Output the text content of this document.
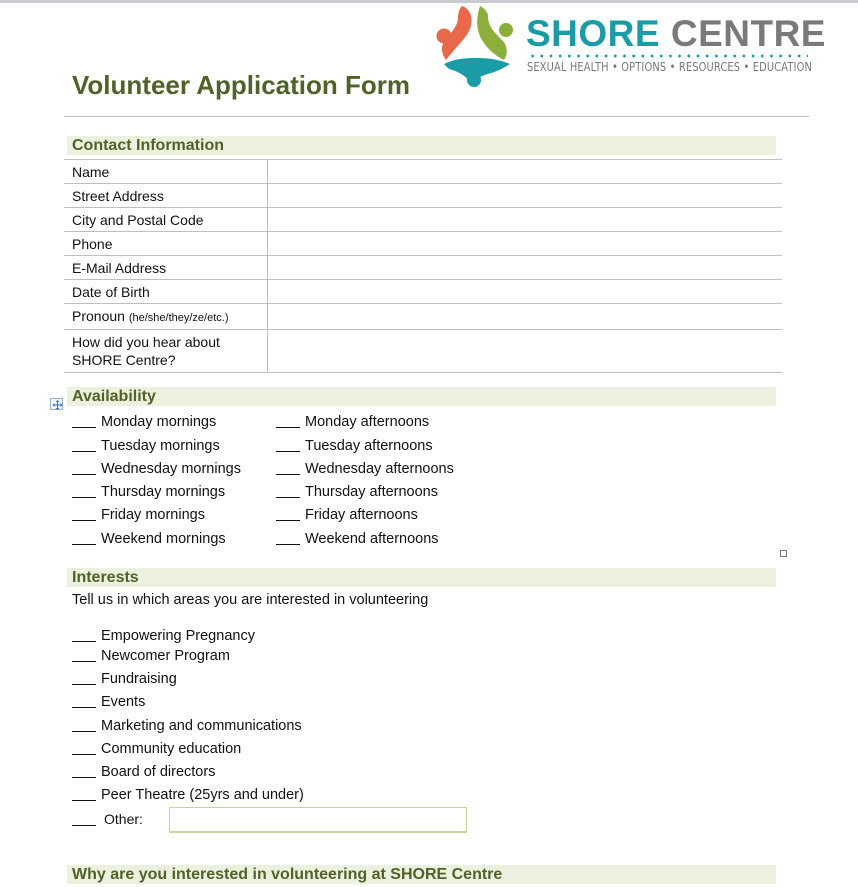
SHORE CENTRE
SEXUAL HEALTH • OPTIONS • RESOURCES • EDUCATION
Volunteer Application Form
Contact Information
Name	
Street Address	
City and Postal Code	
Phone	
E-Mail Address	
Date of Birth	
Pronoun (he/she/they/ze/etc.)	
How did you hear about
SHORE Centre?	
Availability
Monday mornings
Tuesday mornings
Wednesday mornings
Thursday mornings
Friday mornings
Weekend mornings
Monday afternoons
Tuesday afternoons
Wednesday afternoons
Thursday afternoons
Friday afternoons
Weekend afternoons
Interests
Tell us in which areas you are interested in volunteering
Empowering Pregnancy
Newcomer Program
Fundraising
Events
Marketing and communications
Community education
Board of directors
Peer Theatre (25yrs and under)
Other:
Why are you interested in volunteering at SHORE Centre
